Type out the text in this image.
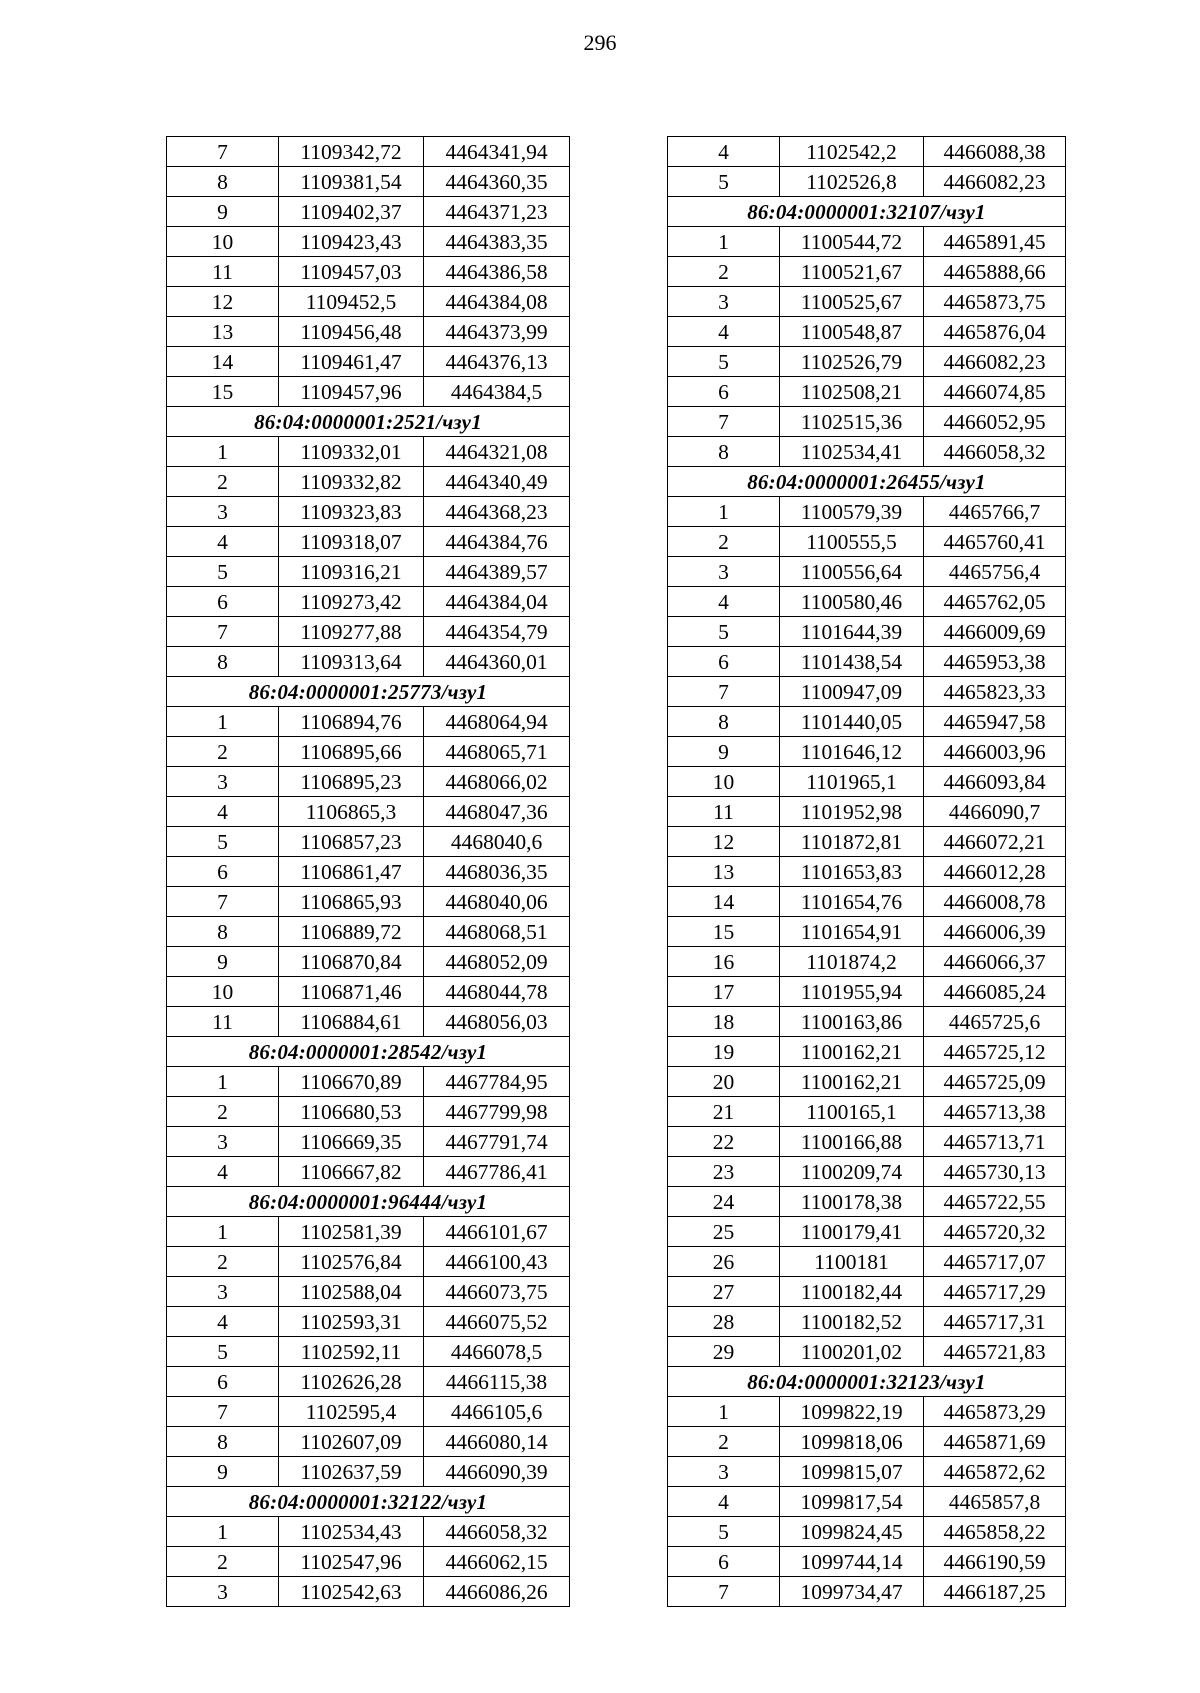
296
7	1109342,72	4464341,94
8	1109381,54	4464360,35
9	1109402,37	4464371,23
10	1109423,43	4464383,35
11	1109457,03	4464386,58
12	1109452,5	4464384,08
13	1109456,48	4464373,99
14	1109461,47	4464376,13
15	1109457,96	4464384,5
86:04:0000001:2521/чзу1		
1	1109332,01	4464321,08
2	1109332,82	4464340,49
3	1109323,83	4464368,23
4	1109318,07	4464384,76
5	1109316,21	4464389,57
6	1109273,42	4464384,04
7	1109277,88	4464354,79
8	1109313,64	4464360,01
86:04:0000001:25773/чзу1		
1	1106894,76	4468064,94
2	1106895,66	4468065,71
3	1106895,23	4468066,02
4	1106865,3	4468047,36
5	1106857,23	4468040,6
6	1106861,47	4468036,35
7	1106865,93	4468040,06
8	1106889,72	4468068,51
9	1106870,84	4468052,09
10	1106871,46	4468044,78
11	1106884,61	4468056,03
86:04:0000001:28542/чзу1		
1	1106670,89	4467784,95
2	1106680,53	4467799,98
3	1106669,35	4467791,74
4	1106667,82	4467786,41
86:04:0000001:96444/чзу1		
1	1102581,39	4466101,67
2	1102576,84	4466100,43
3	1102588,04	4466073,75
4	1102593,31	4466075,52
5	1102592,11	4466078,5
6	1102626,28	4466115,38
7	1102595,4	4466105,6
8	1102607,09	4466080,14
9	1102637,59	4466090,39
86:04:0000001:32122/чзу1		
1	1102534,43	4466058,32
2	1102547,96	4466062,15
3	1102542,63	4466086,26
4	1102542,2	4466088,38
5	1102526,8	4466082,23
86:04:0000001:32107/чзу1		
1	1100544,72	4465891,45
2	1100521,67	4465888,66
3	1100525,67	4465873,75
4	1100548,87	4465876,04
5	1102526,79	4466082,23
6	1102508,21	4466074,85
7	1102515,36	4466052,95
8	1102534,41	4466058,32
86:04:0000001:26455/чзу1		
1	1100579,39	4465766,7
2	1100555,5	4465760,41
3	1100556,64	4465756,4
4	1100580,46	4465762,05
5	1101644,39	4466009,69
6	1101438,54	4465953,38
7	1100947,09	4465823,33
8	1101440,05	4465947,58
9	1101646,12	4466003,96
10	1101965,1	4466093,84
11	1101952,98	4466090,7
12	1101872,81	4466072,21
13	1101653,83	4466012,28
14	1101654,76	4466008,78
15	1101654,91	4466006,39
16	1101874,2	4466066,37
17	1101955,94	4466085,24
18	1100163,86	4465725,6
19	1100162,21	4465725,12
20	1100162,21	4465725,09
21	1100165,1	4465713,38
22	1100166,88	4465713,71
23	1100209,74	4465730,13
24	1100178,38	4465722,55
25	1100179,41	4465720,32
26	1100181	4465717,07
27	1100182,44	4465717,29
28	1100182,52	4465717,31
29	1100201,02	4465721,83
86:04:0000001:32123/чзу1		
1	1099822,19	4465873,29
2	1099818,06	4465871,69
3	1099815,07	4465872,62
4	1099817,54	4465857,8
5	1099824,45	4465858,22
6	1099744,14	4466190,59
7	1099734,47	4466187,25
